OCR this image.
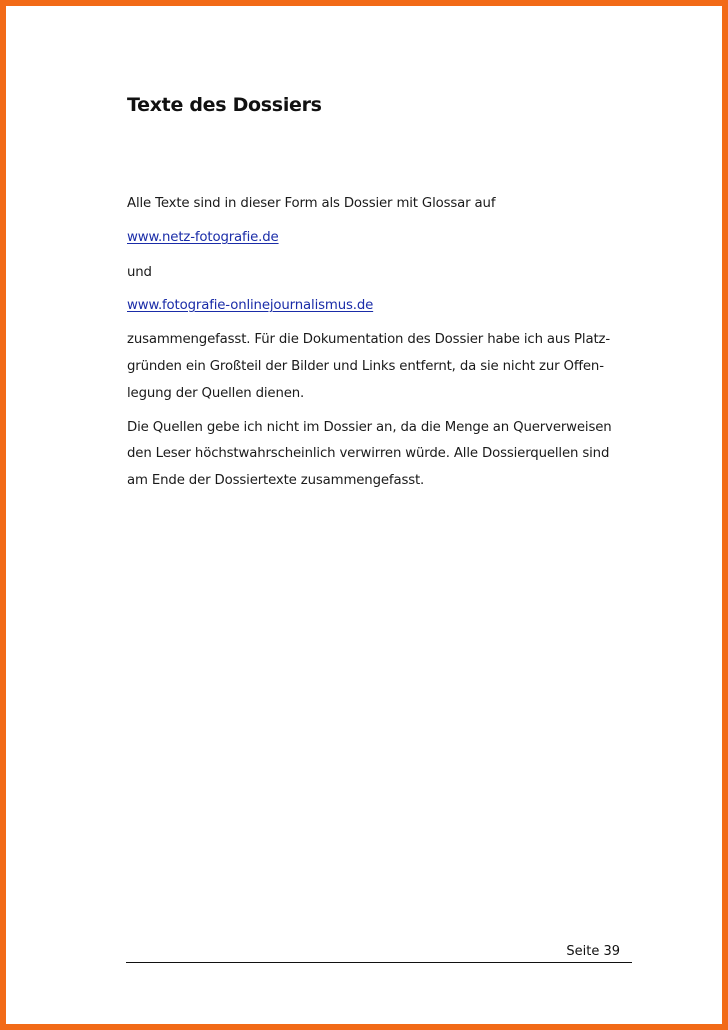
Texte des Dossiers
Alle Texte sind in dieser Form als Dossier mit Glossar auf
www.netz-fotografie.de
und
www.fotografie-onlinejournalismus.de
zusammengefasst. Für die Dokumentation des Dossier habe ich aus Platz-
gründen ein Großteil der Bilder und Links entfernt, da sie nicht zur Offen-
legung der Quellen dienen.
Die Quellen gebe ich nicht im Dossier an, da die Menge an Querverweisen
den Leser höchstwahrscheinlich verwirren würde. Alle Dossierquellen sind
am Ende der Dossiertexte zusammengefasst.
Seite 39
